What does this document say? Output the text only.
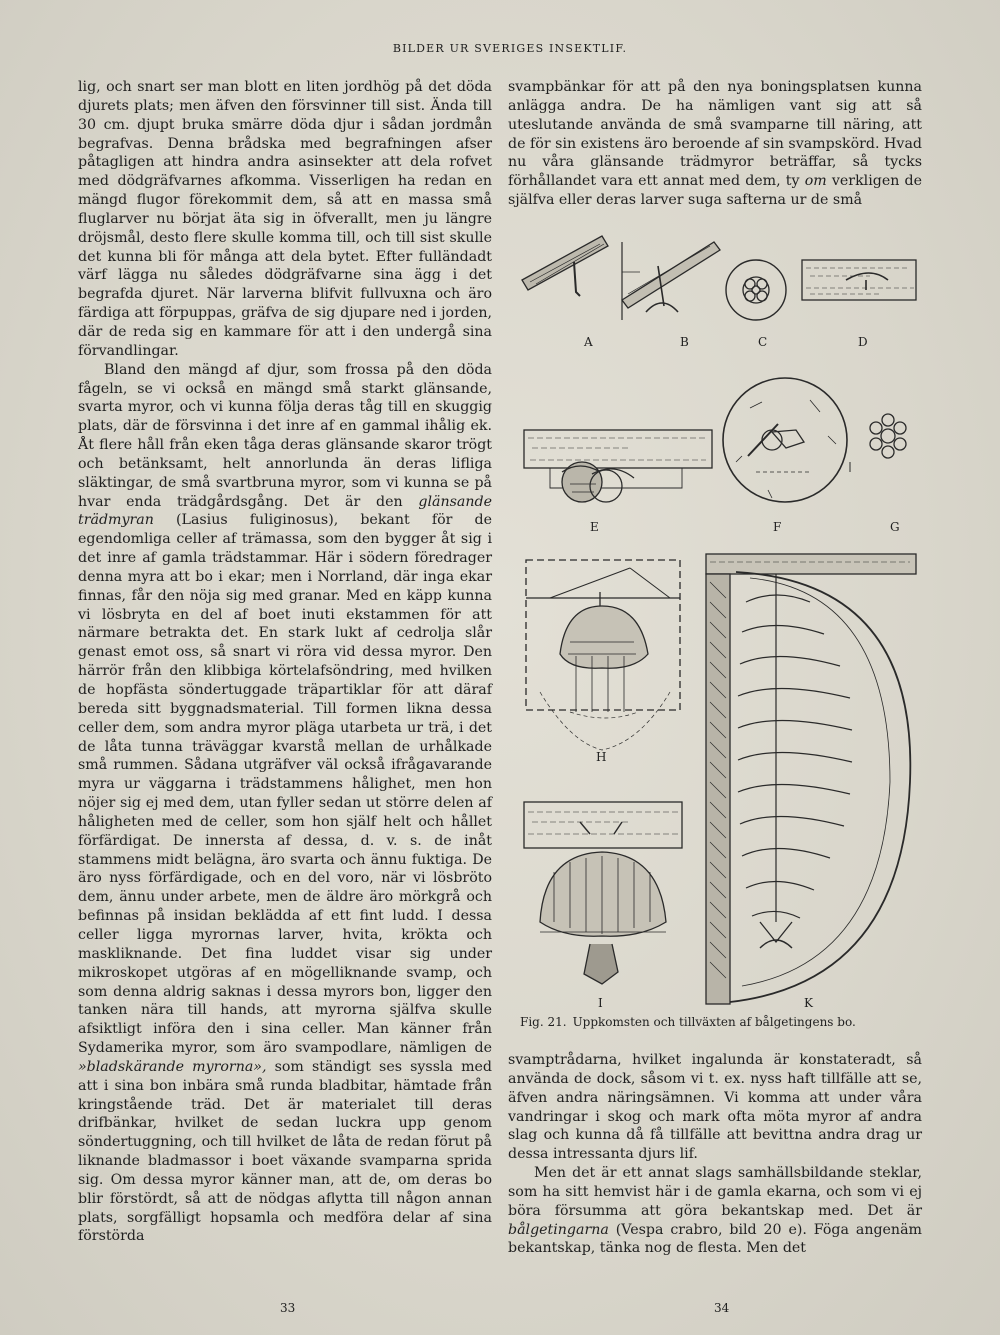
BILDER UR SVERIGES INSEKTLIF.

lig, och snart ser man blott en liten jordhög på det döda djurets plats; men äfven den försvinner till sist. Ända till 30 cm. djupt bruka smärre döda djur i sådan jordmån begrafvas. Denna brådska med begrafningen afser påtagligen att hindra andra asinsekter att dela rofvet med dödgräfvarnes afkomma. Visserligen ha redan en mängd flugor förekommit dem, så att en massa små fluglarver nu börjat äta sig in öfverallt, men ju längre dröjsmål, desto flere skulle komma till, och till sist skulle det kunna bli för många att dela bytet. Efter fulländadt värf lägga nu således dödgräfvarne sina ägg i det begrafda djuret. När larverna blifvit fullvuxna och äro färdiga att förpuppas, gräfva de sig djupare ned i jorden, där de reda sig en kammare för att i den undergå sina förvandlingar.

Bland den mängd af djur, som frossa på den döda fågeln, se vi också en mängd små starkt glänsande, svarta myror, och vi kunna följa deras tåg till en skuggig plats, där de försvinna i det inre af en gammal ihålig ek. Åt flere håll från eken tåga deras glänsande skaror trögt och betänksamt, helt annorlunda än deras lifliga släktingar, de små svartbruna myror, som vi kunna se på hvar enda trädgårdsgång. Det är den glänsande trädmyran (Lasius fuliginosus), bekant för de egendomliga celler af trämassa, som den bygger åt sig i det inre af gamla trädstammar. Här i södern föredrager denna myra att bo i ekar; men i Norrland, där inga ekar finnas, får den nöja sig med granar. Med en käpp kunna vi lösbryta en del af boet inuti ekstammen för att närmare betrakta det. En stark lukt af cedrolja slår genast emot oss, så snart vi röra vid dessa myror. Den härrör från den klibbiga körtelafsöndring, med hvilken de hopfästa söndertuggade träpartiklar för att däraf bereda sitt byggnadsmaterial. Till formen likna dessa celler dem, som andra myror pläga utarbeta ur trä, i det de låta tunna träväggar kvarstå mellan de urhålkade små rummen. Sådana utgräfver väl också ifrågavarande myra ur väggarna i trädstammens hålighet, men hon nöjer sig ej med dem, utan fyller sedan ut större delen af håligheten med de celler, som hon själf helt och hållet förfärdigat. De innersta af dessa, d. v. s. de inåt stammens midt belägna, äro svarta och ännu fuktiga. De äro nyss förfärdigade, och en del voro, när vi lösbröto dem, ännu under arbete, men de äldre äro mörkgrå och befinnas på insidan beklädda af ett fint ludd. I dessa celler ligga myrornas larver, hvita, krökta och maskliknande. Det fina luddet visar sig under mikroskopet utgöras af en mögelliknande svamp, och som denna aldrig saknas i dessa myrors bon, ligger den tanken nära till hands, att myrorna själfva skulle afsiktligt införa den i sina celler. Man känner från Sydamerika myror, som äro svampodlare, nämligen de »bladskärande myrorna», som ständigt ses syssla med att i sina bon inbära små runda bladbitar, hämtade från kringstående träd. Det är materialet till deras drifbänkar, hvilket de sedan luckra upp genom söndertuggning, och till hvilket de låta de redan förut på liknande bladmassor i boet växande svamparna sprida sig. Om dessa myror känner man, att de, om deras bo blir förstördt, så att de nödgas aflytta till någon annan plats, sorgfälligt hopsamla och medföra delar af sina förstörda

svampbänkar för att på den nya boningsplatsen kunna anlägga andra. De ha nämligen vant sig att så uteslutande använda de små svamparne till näring, att de för sin existens äro beroende af sin svampskörd. Hvad nu våra glänsande trädmyror beträffar, så tycks förhållandet vara ett annat med dem, ty om verkligen de själfva eller deras larver suga safterna ur de små

A	B	C	D
E	F	G
H
I	K
Fig. 21. Uppkomsten och tillväxten af bålgetingens bo.

svamptrådarna, hvilket ingalunda är konstateradt, så använda de dock, såsom vi t. ex. nyss haft tillfälle att se, äfven andra näringsämnen. Vi komma att under våra vandringar i skog och mark ofta möta myror af andra slag och kunna då få tillfälle att bevittna andra drag ur dessa intressanta djurs lif.

Men det är ett annat slags samhällsbildande steklar, som ha sitt hemvist här i de gamla ekarna, och som vi ej böra försumma att göra bekantskap med. Det är bålgetingarna (Vespa crabro, bild 20 e). Föga angenäm bekantskap, tänka nog de flesta. Men det

33	34
